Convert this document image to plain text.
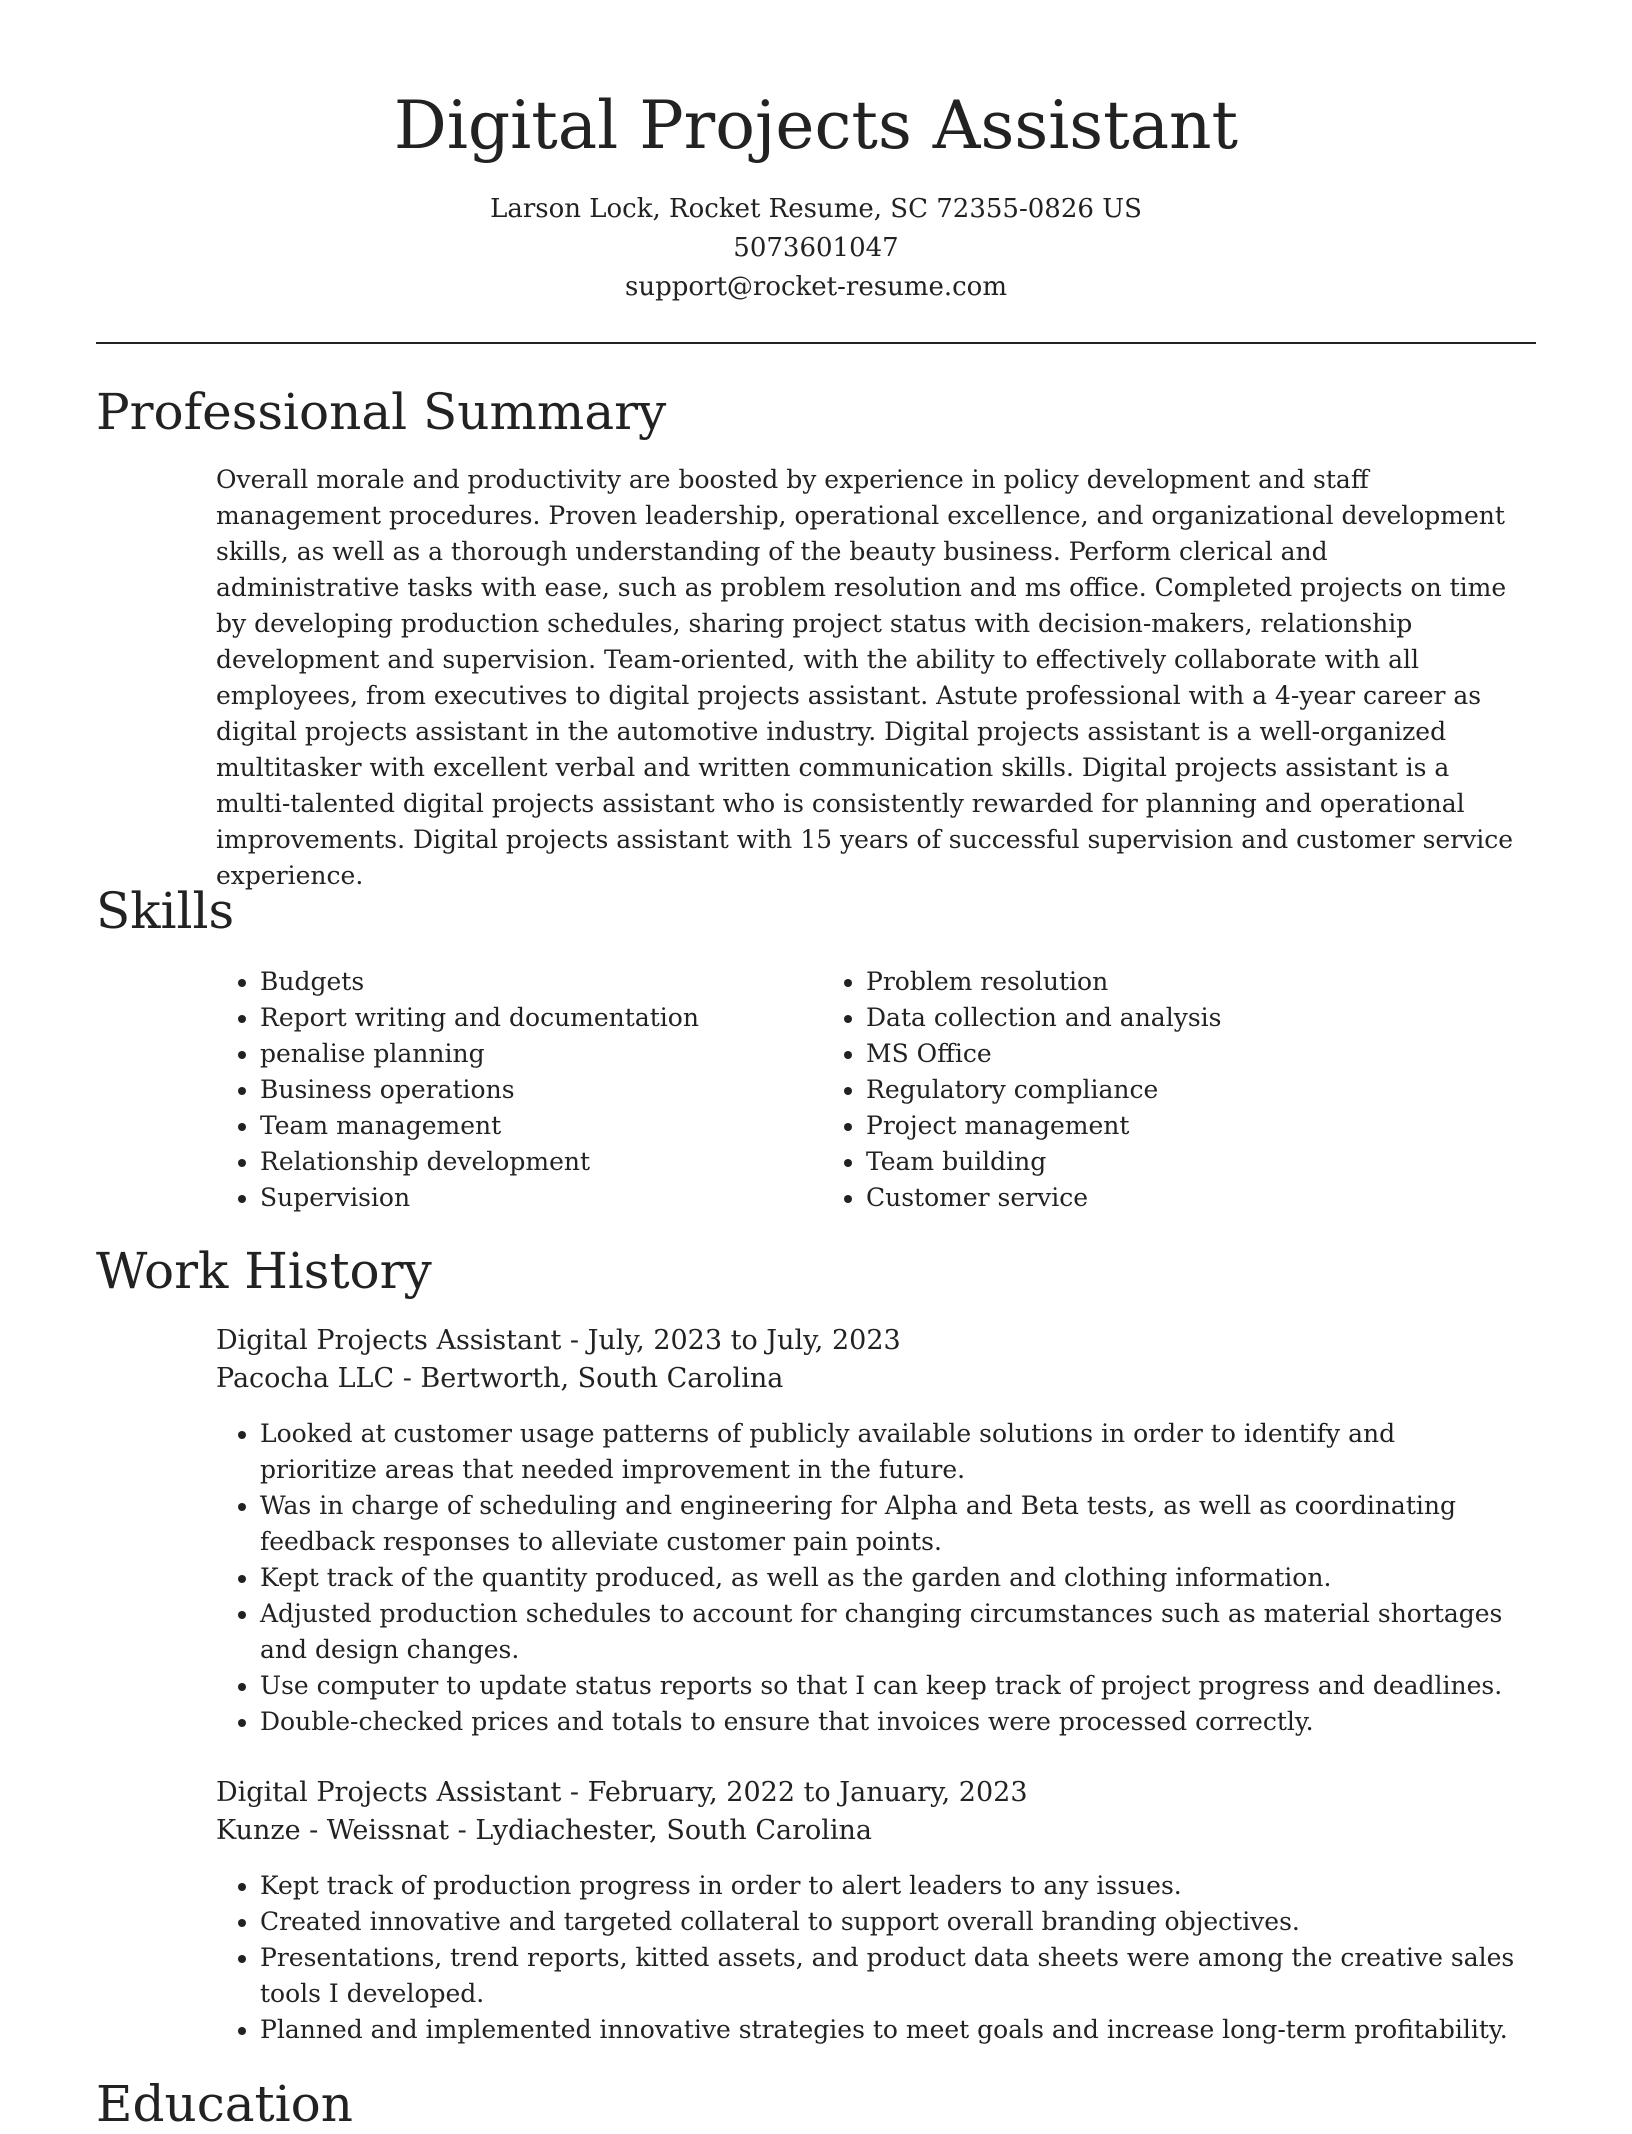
Digital Projects Assistant
Larson Lock, Rocket Resume, SC 72355-0826 US
5073601047
support@rocket-resume.com
Professional Summary
Overall morale and productivity are boosted by experience in policy development and staff management procedures. Proven leadership, operational excellence, and organizational development skills, as well as a thorough understanding of the beauty business. Perform clerical and administrative tasks with ease, such as problem resolution and ms office. Completed projects on time by developing production schedules, sharing project status with decision-makers, relationship development and supervision. Team-oriented, with the ability to effectively collaborate with all employees, from executives to digital projects assistant. Astute professional with a 4-year career as digital projects assistant in the automotive industry. Digital projects assistant is a well-organized multitasker with excellent verbal and written communication skills. Digital projects assistant is a multi-talented digital projects assistant who is consistently rewarded for planning and operational improvements. Digital projects assistant with 15 years of successful supervision and customer service experience.
Skills
• Budgets
• Report writing and documentation
• penalise planning
• Business operations
• Team management
• Relationship development
• Supervision
• Problem resolution
• Data collection and analysis
• MS Office
• Regulatory compliance
• Project management
• Team building
• Customer service
Work History
Digital Projects Assistant - July, 2023 to July, 2023
Pacocha LLC - Bertworth, South Carolina
• Looked at customer usage patterns of publicly available solutions in order to identify and prioritize areas that needed improvement in the future.
• Was in charge of scheduling and engineering for Alpha and Beta tests, as well as coordinating feedback responses to alleviate customer pain points.
• Kept track of the quantity produced, as well as the garden and clothing information.
• Adjusted production schedules to account for changing circumstances such as material shortages and design changes.
• Use computer to update status reports so that I can keep track of project progress and deadlines.
• Double-checked prices and totals to ensure that invoices were processed correctly.
Digital Projects Assistant - February, 2022 to January, 2023
Kunze - Weissnat - Lydiachester, South Carolina
• Kept track of production progress in order to alert leaders to any issues.
• Created innovative and targeted collateral to support overall branding objectives.
• Presentations, trend reports, kitted assets, and product data sheets were among the creative sales tools I developed.
• Planned and implemented innovative strategies to meet goals and increase long-term profitability.
Education
